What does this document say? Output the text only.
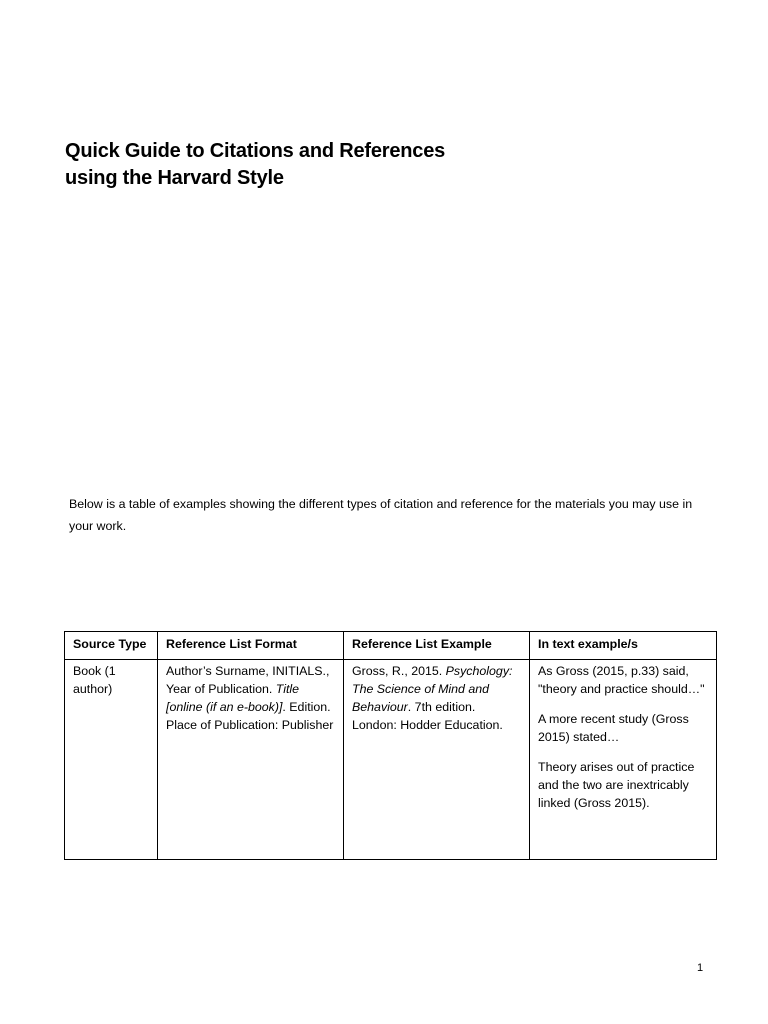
Quick Guide to Citations and References
using the Harvard Style

Below is a table of examples showing the different types of citation and reference for the materials you may use in your work.

Source Type	Reference List Format	Reference List Example	In text example/s
Book (1 author)	Author’s Surname, INITIALS., Year of Publication. Title [online (if an e-book)]. Edition. Place of Publication: Publisher	Gross, R., 2015. Psychology: The Science of Mind and Behaviour. 7th edition. London: Hodder Education.	As Gross (2015, p.33) said, "theory and practice should…"

A more recent study (Gross 2015) stated…

Theory arises out of practice and the two are inextricably linked (Gross 2015).

1
